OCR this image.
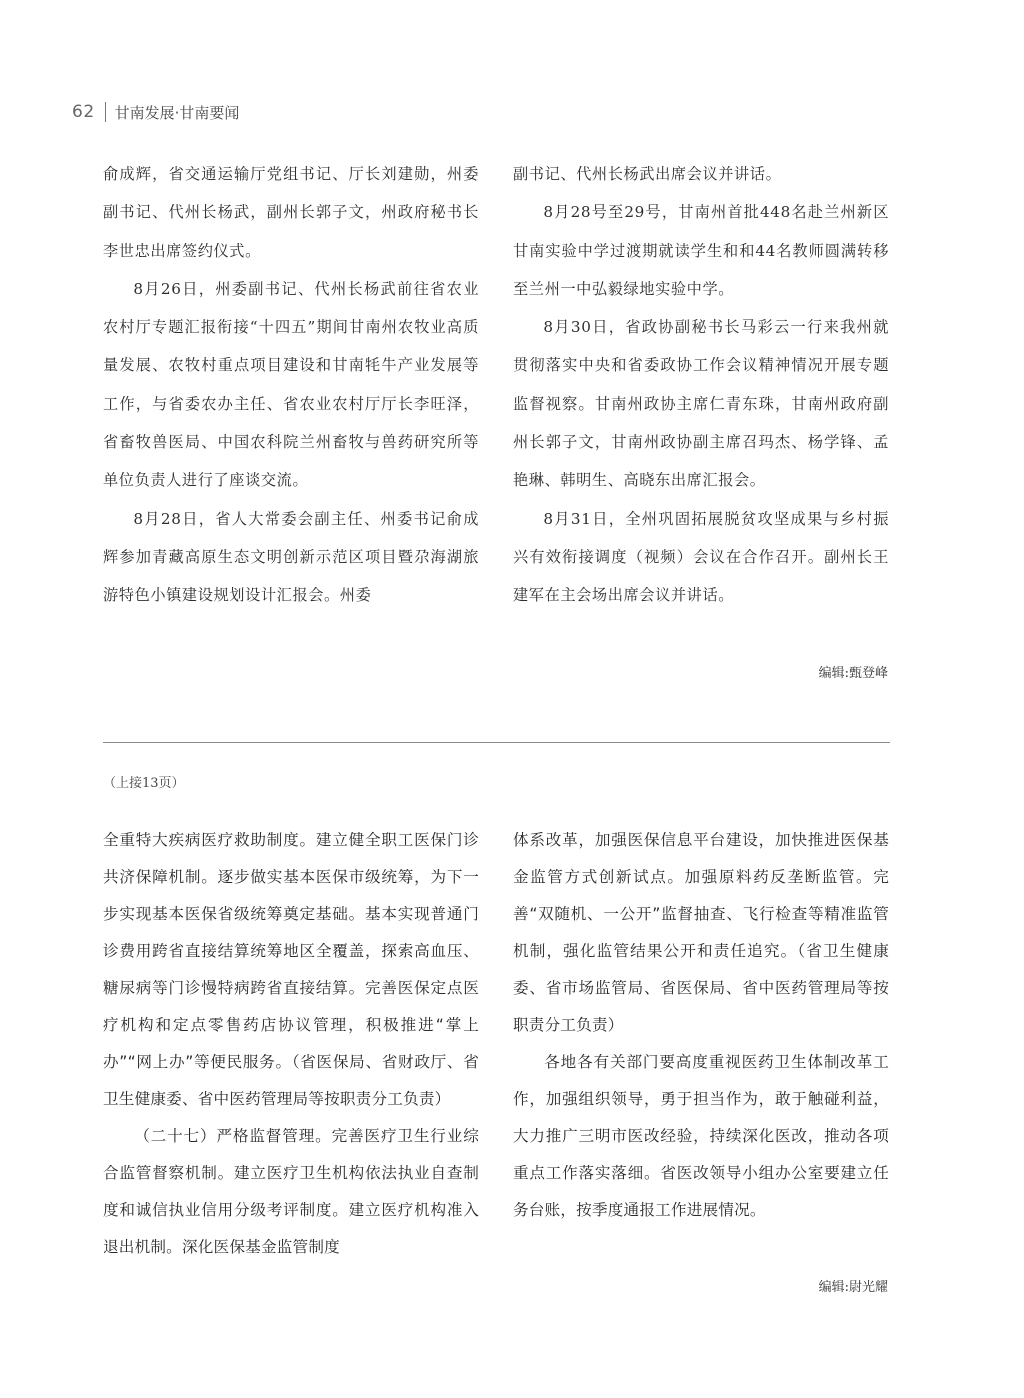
62 甘南发展·甘南要闻

俞成辉，省交通运输厅党组书记、厅长刘建勋，州委副书记、代州长杨武，副州长郭子文，州政府秘书长李世忠出席签约仪式。

8月26日，州委副书记、代州长杨武前往省农业农村厅专题汇报衔接“十四五”期间甘南州农牧业高质量发展、农牧村重点项目建设和甘南牦牛产业发展等工作，与省委农办主任、省农业农村厅厅长李旺泽，省畜牧兽医局、中国农科院兰州畜牧与兽药研究所等单位负责人进行了座谈交流。

8月28日，省人大常委会副主任、州委书记俞成辉参加青藏高原生态文明创新示范区项目暨尕海湖旅游特色小镇建设规划设计汇报会。州委

副书记、代州长杨武出席会议并讲话。

8月28号至29号，甘南州首批448名赴兰州新区甘南实验中学过渡期就读学生和和44名教师圆满转移至兰州一中弘毅绿地实验中学。

8月30日，省政协副秘书长马彩云一行来我州就贯彻落实中央和省委政协工作会议精神情况开展专题监督视察。甘南州政协主席仁青东珠，甘南州政府副州长郭子文，甘南州政协副主席召玛杰、杨学锋、孟艳琳、韩明生、高晓东出席汇报会。

8月31日，全州巩固拓展脱贫攻坚成果与乡村振兴有效衔接调度（视频）会议在合作召开。副州长王建军在主会场出席会议并讲话。

编辑:甄登峰
（上接13页）

全重特大疾病医疗救助制度。建立健全职工医保门诊共济保障机制。逐步做实基本医保市级统筹，为下一步实现基本医保省级统筹奠定基础。基本实现普通门诊费用跨省直接结算统筹地区全覆盖，探索高血压、糖尿病等门诊慢特病跨省直接结算。完善医保定点医疗机构和定点零售药店协议管理，积极推进“掌上办”“网上办”等便民服务。（省医保局、省财政厅、省卫生健康委、省中医药管理局等按职责分工负责）

（二十七）严格监督管理。完善医疗卫生行业综合监管督察机制。建立医疗卫生机构依法执业自查制度和诚信执业信用分级考评制度。建立医疗机构准入退出机制。深化医保基金监管制度

体系改革，加强医保信息平台建设，加快推进医保基金监管方式创新试点。加强原料药反垄断监管。完善“双随机、一公开”监督抽查、飞行检查等精准监管机制，强化监管结果公开和责任追究。（省卫生健康委、省市场监管局、省医保局、省中医药管理局等按职责分工负责）

各地各有关部门要高度重视医药卫生体制改革工作，加强组织领导，勇于担当作为，敢于触碰利益，大力推广三明市医改经验，持续深化医改，推动各项重点工作落实落细。省医改领导小组办公室要建立任务台账，按季度通报工作进展情况。

编辑:尉光耀
